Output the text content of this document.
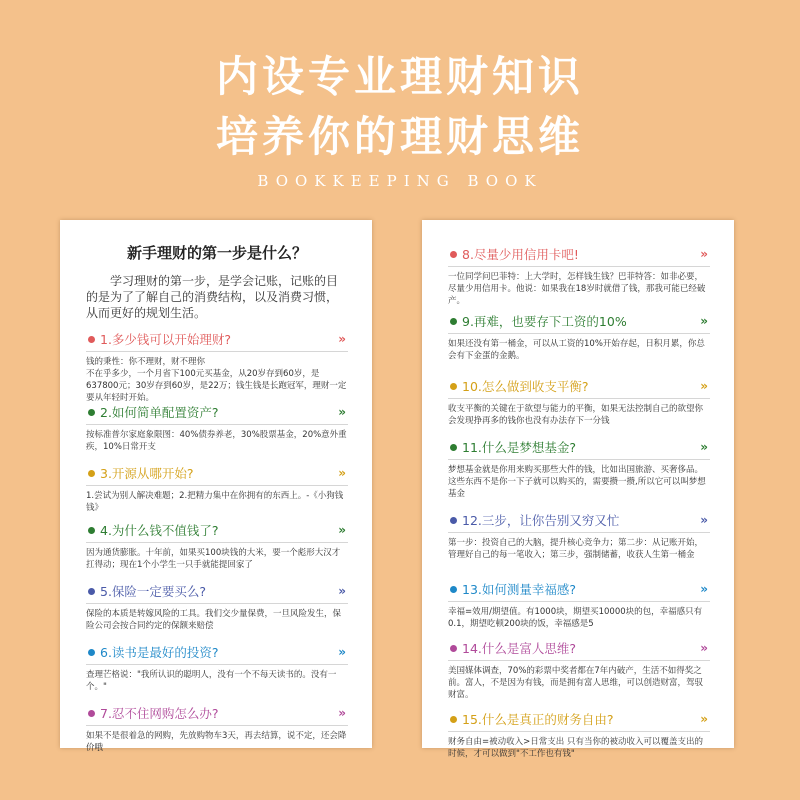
内设专业理财知识
培养你的理财思维
BOOKKEEPING BOOK
新手理财的第一步是什么？
学习理财的第一步，是学会记账，记账的目的是为了了解自己的消费结构，以及消费习惯，从而更好的规划生活。
1.多少钱可以开始理财?	»
钱的秉性：你不理财，财不理你
不在乎多少，一个月省下100元买基金，从20岁存到60岁，是637800元；30岁存到60岁，是22万；钱生钱是长跑冠军，理财一定要从年轻时开始。
2.如何简单配置资产?	»
按标准普尔家庭象限图：40%债券养老，30%股票基金，20%意外重疾，10%日常开支
3.开源从哪开始?	»
1.尝试为别人解决难题；2.把精力集中在你拥有的东西上。-《小狗钱钱》
4.为什么钱不值钱了?	»
因为通货膨胀。十年前，如果买100块钱的大米，要一个彪形大汉才扛得动；现在1个小学生一只手就能提回家了
5.保险一定要买么?	»
保险的本质是转嫁风险的工具。我们交少量保费，一旦风险发生，保险公司会按合同约定的保额来赔偿
6.读书是最好的投资?	»
查理芒格说："我所认识的聪明人，没有一个不每天读书的。没有一个。"
7.忍不住网购怎么办?	»
如果不是很着急的网购，先放购物车3天，再去结算，说不定，还会降价哦
8.尽量少用信用卡吧!	»
一位同学问巴菲特：上大学时，怎样钱生钱？巴菲特答：如非必要，尽量少用信用卡。他说：如果我在18岁时就借了钱，那我可能已经破产。
9.再难，也要存下工资的10%	»
如果还没有第一桶金，可以从工资的10%开始存起，日积月累，你总会有下金蛋的金鹅。
10.怎么做到收支平衡?	»
收支平衡的关键在于欲望与能力的平衡，如果无法控制自己的欲望你会发现挣再多的钱你也没有办法存下一分钱
11.什么是梦想基金?	»
梦想基金就是你用来购买那些大件的钱，比如出国旅游、买奢侈品。这些东西不是你一下子就可以购买的，需要攒一攒,所以它可以叫梦想基金
12.三步，让你告别又穷又忙	»
第一步：投资自己的大脑，提升核心竞争力；第二步：从记账开始，管理好自己的每一笔收入；第三步，强制储蓄，收获人生第一桶金
13.如何测量幸福感?	»
幸福=效用/期望值。有1000块，期望买10000块的包，幸福感只有0.1，期望吃顿200块的饭，幸福感是5
14.什么是富人思维?	»
美国媒体调查，70%的彩票中奖者都在7年内破产，生活不如得奖之前。富人，不是因为有钱，而是拥有富人思维，可以创造财富，驾驭财富。
15.什么是真正的财务自由?	»
财务自由=被动收入>日常支出 只有当你的被动收入可以覆盖支出的时候，才可以做到"不工作也有钱"
